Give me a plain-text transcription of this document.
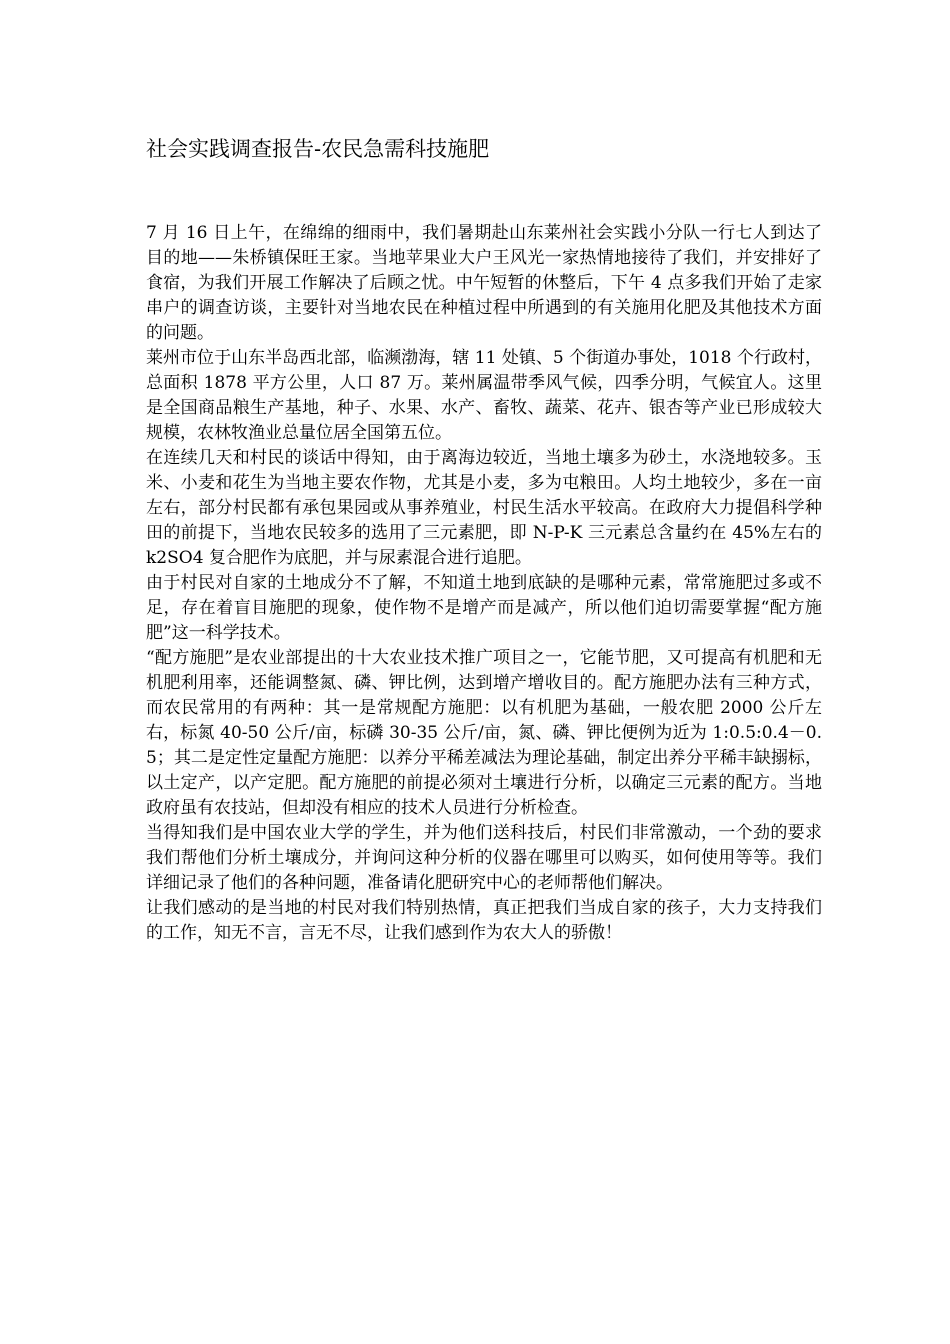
社会实践调查报告-农民急需科技施肥

7 月 16 日上午，在绵绵的细雨中，我们暑期赴山东莱州社会实践小分队一行七人到达了目的地——朱桥镇保旺王家。当地苹果业大户王风光一家热情地接待了我们，并安排好了食宿，为我们开展工作解决了后顾之忧。中午短暂的休整后，下午 4 点多我们开始了走家串户的调查访谈，主要针对当地农民在种植过程中所遇到的有关施用化肥及其他技术方面的问题。

莱州市位于山东半岛西北部，临濒渤海，辖 11 处镇、5 个街道办事处，1018 个行政村，总面积 1878 平方公里，人口 87 万。莱州属温带季风气候，四季分明，气候宜人。这里是全国商品粮生产基地，种子、水果、水产、畜牧、蔬菜、花卉、银杏等产业已形成较大规模，农林牧渔业总量位居全国第五位。

在连续几天和村民的谈话中得知，由于离海边较近，当地土壤多为砂土，水浇地较多。玉米、小麦和花生为当地主要农作物，尤其是小麦，多为屯粮田。人均土地较少，多在一亩左右，部分村民都有承包果园或从事养殖业，村民生活水平较高。在政府大力提倡科学种田的前提下，当地农民较多的选用了三元素肥，即 N-P-K 三元素总含量约在 45%左右的 k2SO4 复合肥作为底肥，并与尿素混合进行追肥。

由于村民对自家的土地成分不了解，不知道土地到底缺的是哪种元素，常常施肥过多或不足，存在着盲目施肥的现象，使作物不是增产而是减产，所以他们迫切需要掌握“配方施肥”这一科学技术。

“配方施肥”是农业部提出的十大农业技术推广项目之一，它能节肥，又可提高有机肥和无机肥利用率，还能调整氮、磷、钾比例，达到增产增收目的。配方施肥办法有三种方式，而农民常用的有两种：其一是常规配方施肥：以有机肥为基础，一般农肥 2000 公斤左右，标氮 40-50 公斤/亩，标磷 30-35 公斤/亩，氮、磷、钾比便例为近为 1:0.5:0.4－0.5；其二是定性定量配方施肥：以养分平稀差减法为理论基础，制定出养分平稀丰缺搦标，以土定产，以产定肥。配方施肥的前提必须对土壤进行分析，以确定三元素的配方。当地政府虽有农技站，但却没有相应的技术人员进行分析检查。

当得知我们是中国农业大学的学生，并为他们送科技后，村民们非常激动，一个劲的要求我们帮他们分析土壤成分，并询问这种分析的仪器在哪里可以购买，如何使用等等。我们详细记录了他们的各种问题，准备请化肥研究中心的老师帮他们解决。

让我们感动的是当地的村民对我们特别热情，真正把我们当成自家的孩子，大力支持我们的工作，知无不言，言无不尽，让我们感到作为农大人的骄傲！
